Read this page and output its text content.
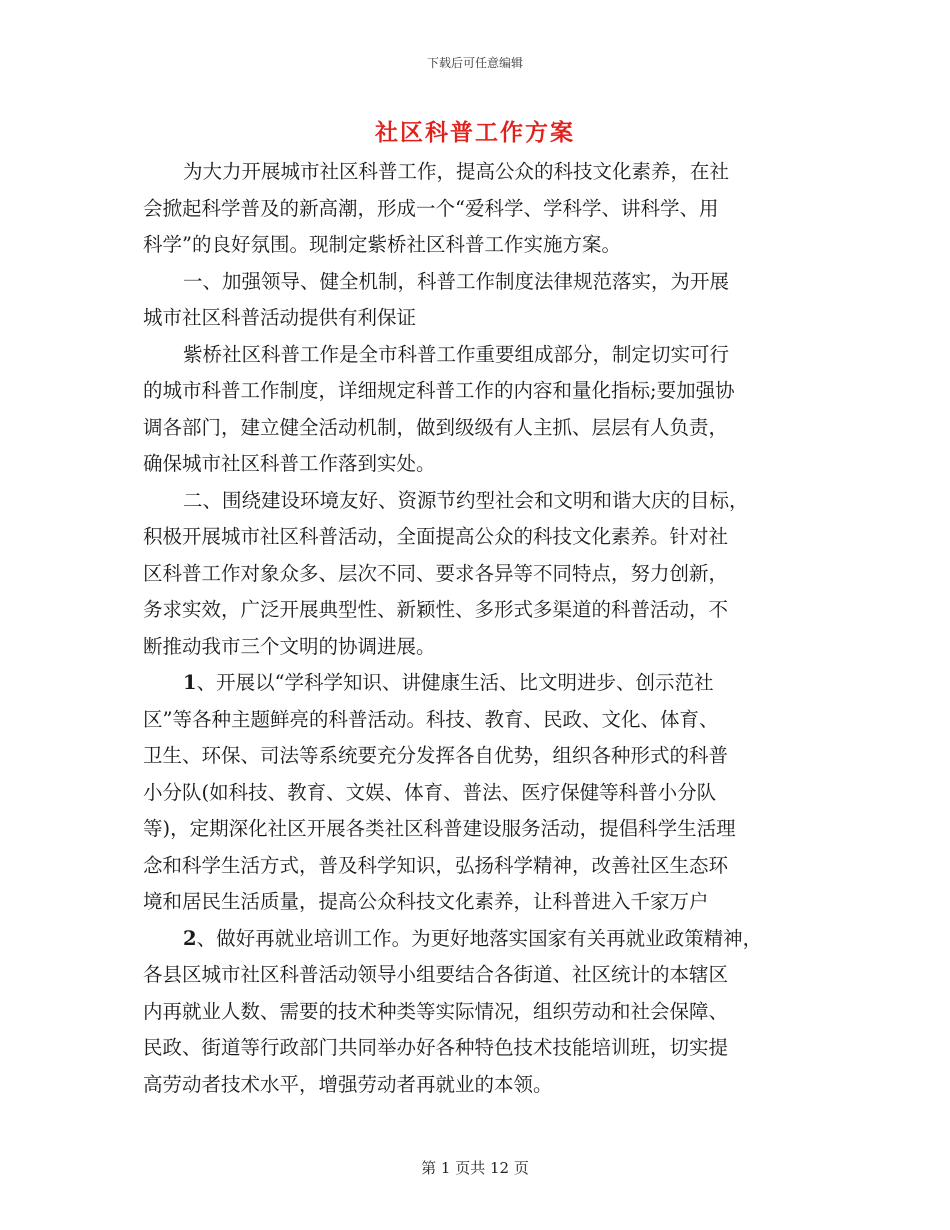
下载后可任意编辑
社区科普工作方案
为大力开展城市社区科普工作，提高公众的科技文化素养，在社
会掀起科学普及的新高潮，形成一个“爱科学、学科学、讲科学、用
科学”的良好氛围。现制定紫桥社区科普工作实施方案。
一、加强领导、健全机制，科普工作制度法律规范落实，为开展
城市社区科普活动提供有利保证
紫桥社区科普工作是全市科普工作重要组成部分，制定切实可行
的城市科普工作制度，详细规定科普工作的内容和量化指标;要加强协
调各部门，建立健全活动机制，做到级级有人主抓、层层有人负责，
确保城市社区科普工作落到实处。
二、围绕建设环境友好、资源节约型社会和文明和谐大庆的目标，
积极开展城市社区科普活动，全面提高公众的科技文化素养。针对社
区科普工作对象众多、层次不同、要求各异等不同特点，努力创新，
务求实效，广泛开展典型性、新颖性、多形式多渠道的科普活动，不
断推动我市三个文明的协调进展。
1、开展以“学科学知识、讲健康生活、比文明进步、创示范社
区”等各种主题鲜亮的科普活动。科技、教育、民政、文化、体育、
卫生、环保、司法等系统要充分发挥各自优势，组织各种形式的科普
小分队(如科技、教育、文娱、体育、普法、医疗保健等科普小分队
等)，定期深化社区开展各类社区科普建设服务活动，提倡科学生活理
念和科学生活方式，普及科学知识，弘扬科学精神，改善社区生态环
境和居民生活质量，提高公众科技文化素养，让科普进入千家万户
2、做好再就业培训工作。为更好地落实国家有关再就业政策精神，
各县区城市社区科普活动领导小组要结合各街道、社区统计的本辖区
内再就业人数、需要的技术种类等实际情况，组织劳动和社会保障、
民政、街道等行政部门共同举办好各种特色技术技能培训班，切实提
高劳动者技术水平，增强劳动者再就业的本领。
第 1 页共 12 页
